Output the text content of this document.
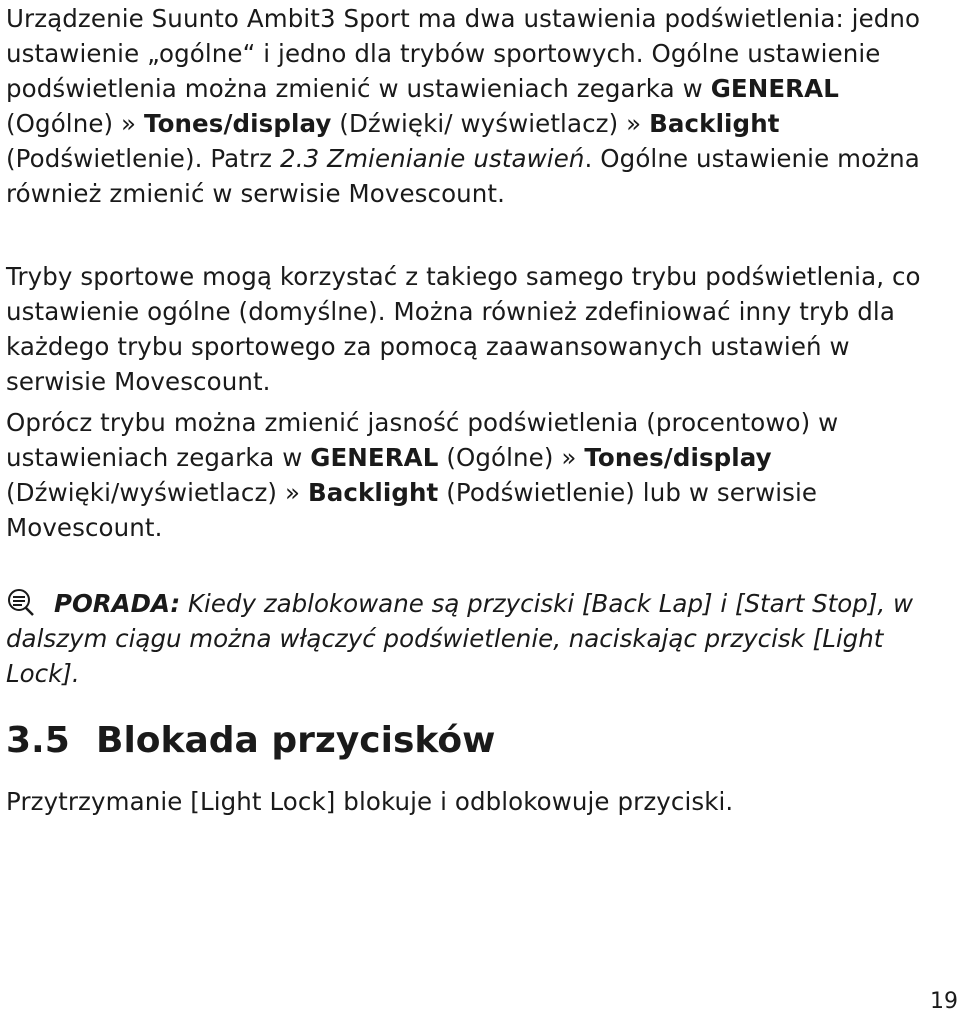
Urządzenie Suunto Ambit3 Sport ma dwa ustawienia podświetlenia: jedno ustawienie „ogólne“ i jedno dla trybów sportowych. Ogólne ustawienie podświetlenia można zmienić w ustawieniach zegarka w GENERAL (Ogólne) » Tones/display (Dźwięki/ wyświetlacz) » Backlight (Podświetlenie). Patrz 2.3 Zmienianie ustawień. Ogólne ustawienie można również zmienić w serwisie Movescount.

Tryby sportowe mogą korzystać z takiego samego trybu podświetlenia, co ustawienie ogólne (domyślne). Można również zdefiniować inny tryb dla każdego trybu sportowego za pomocą zaawansowanych ustawień w serwisie Movescount.

Oprócz trybu można zmienić jasność podświetlenia (procentowo) w ustawieniach zegarka w GENERAL (Ogólne) » Tones/display (Dźwięki/wyświetlacz) » Backlight (Podświetlenie) lub w serwisie Movescount.

PORADA: Kiedy zablokowane są przyciski [Back Lap] i [Start Stop], w dalszym ciągu można włączyć podświetlenie, naciskając przycisk [Light Lock].

3.5 Blokada przycisków

Przytrzymanie [Light Lock] blokuje i odblokowuje przyciski.

19
